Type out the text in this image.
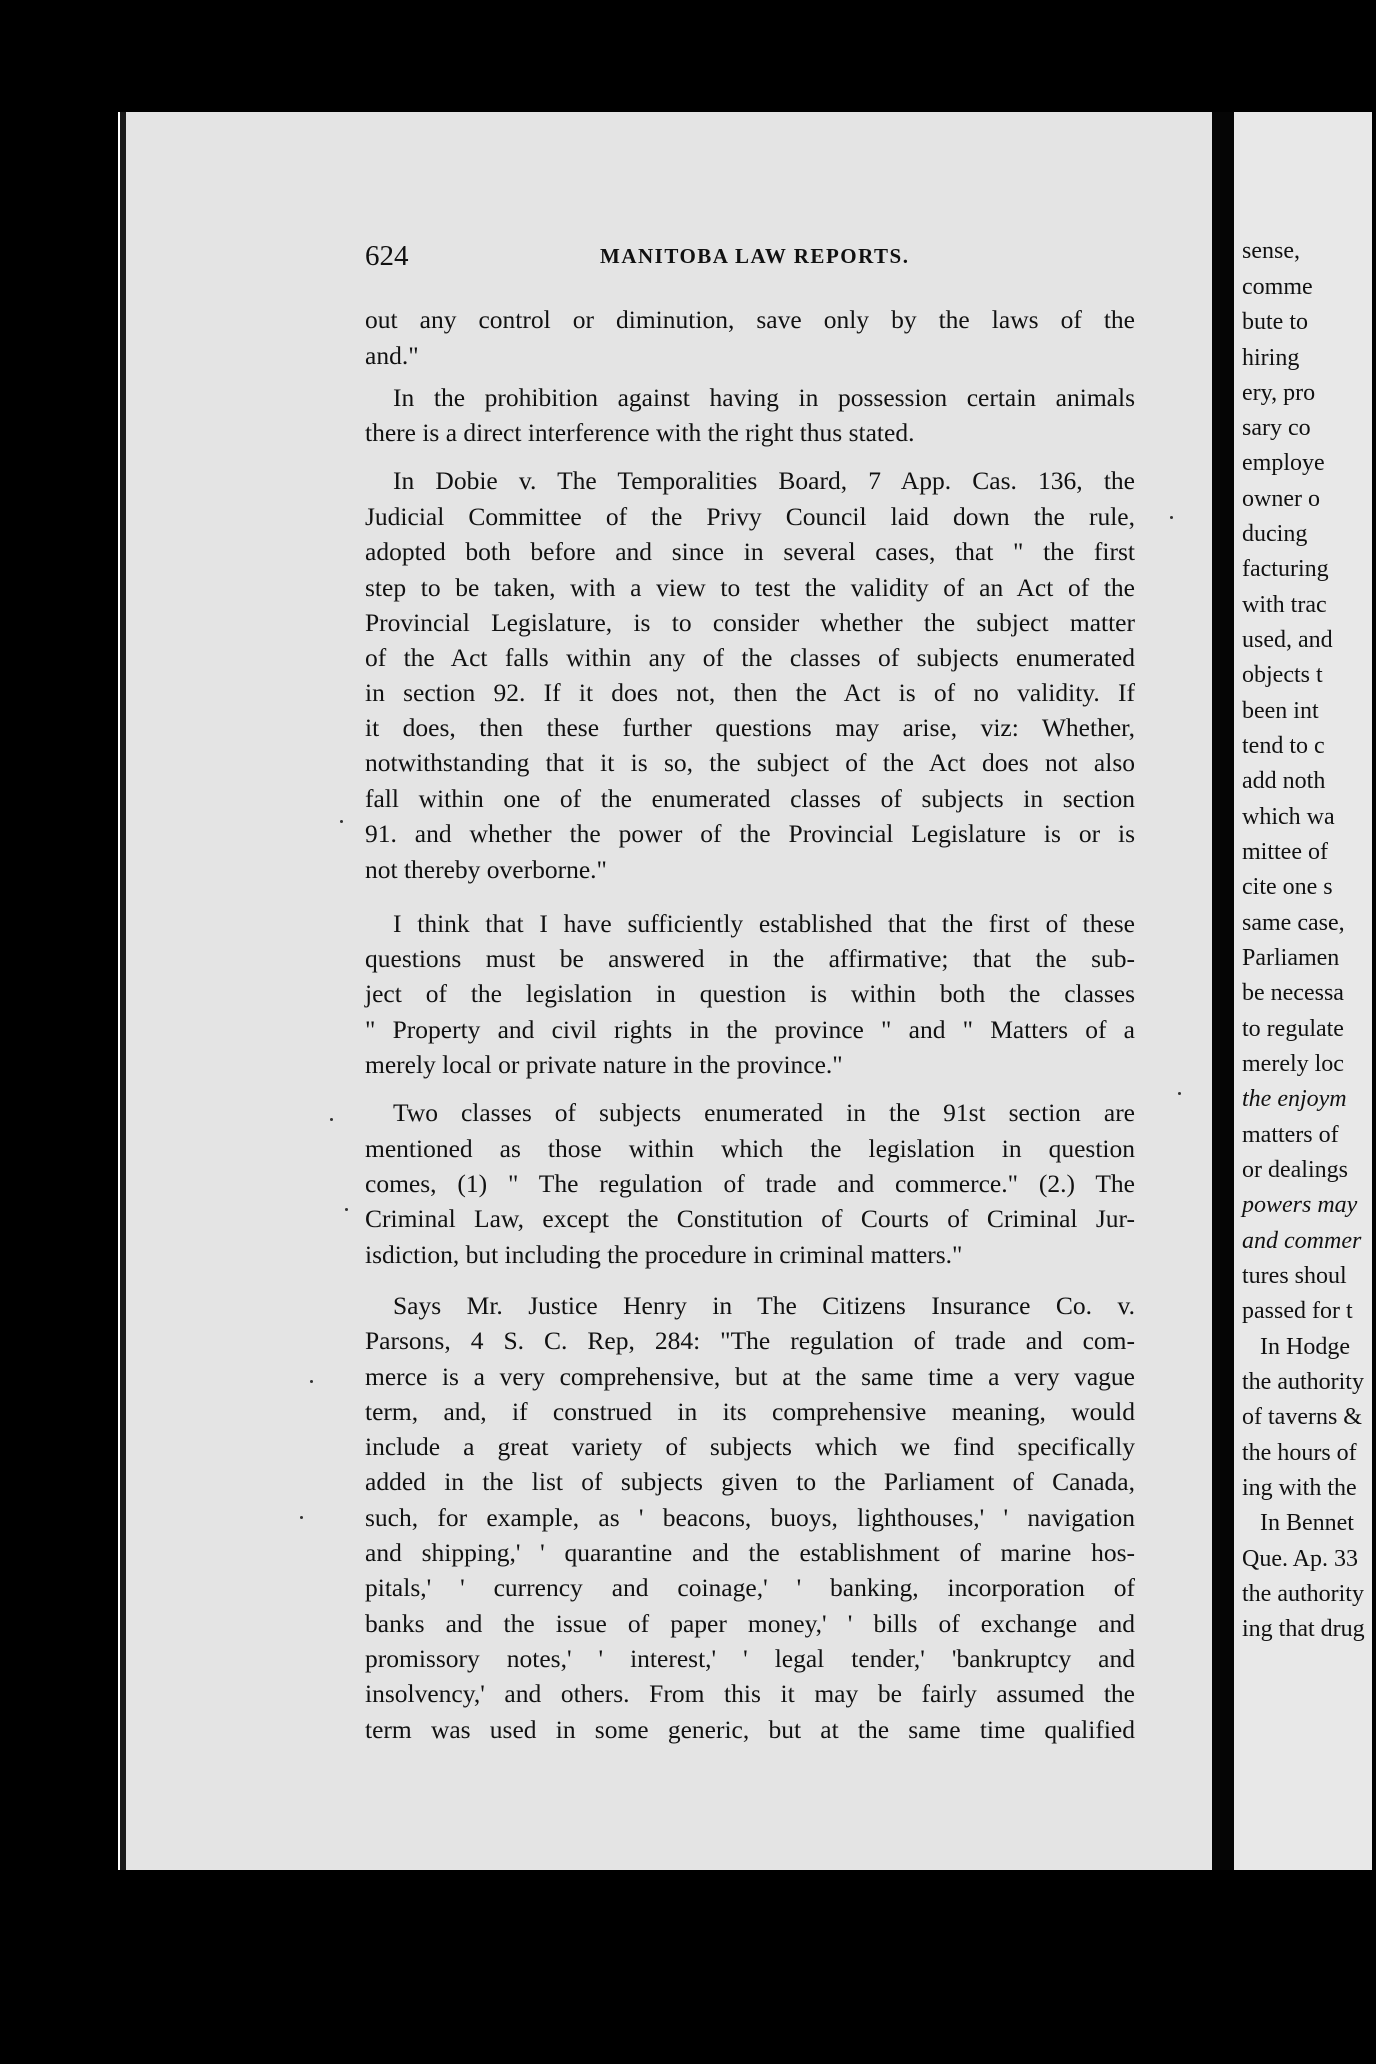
sense,
comme
bute to
hiring
ery, pro
sary co
employe
owner o
ducing
facturing
with trac
used, and
objects t
been int
tend to c
add noth
which wa
mittee of
cite one s
same case,
Parliamen
be necessa
to regulate
merely loc
the enjoym
matters of
or dealings
powers may
and commer
tures shoul
passed for t
In Hodge
the authority
of taverns &
the hours of
ing with the
In Bennet
Que. Ap. 33
the authority
ing that drug
624	MANITOBA LAW REPORTS.
out any control or diminution, save only by the laws of the
and."
In the prohibition against having in possession certain animals
there is a direct interference with the right thus stated.
In Dobie v. The Temporalities Board, 7 App. Cas. 136, the
Judicial Committee of the Privy Council laid down the rule,
adopted both before and since in several cases, that " the first
step to be taken, with a view to test the validity of an Act of the
Provincial Legislature, is to consider whether the subject matter
of the Act falls within any of the classes of subjects enumerated
in section 92. If it does not, then the Act is of no validity. If
it does, then these further questions may arise, viz: Whether,
notwithstanding that it is so, the subject of the Act does not also
fall within one of the enumerated classes of subjects in section
91. and whether the power of the Provincial Legislature is or is
not thereby overborne."
I think that I have sufficiently established that the first of these
questions must be answered in the affirmative; that the sub-
ject of the legislation in question is within both the classes
" Property and civil rights in the province " and " Matters of a
merely local or private nature in the province."
Two classes of subjects enumerated in the 91st section are
mentioned as those within which the legislation in question
comes, (1) " The regulation of trade and commerce." (2.) The
Criminal Law, except the Constitution of Courts of Criminal Jur-
isdiction, but including the procedure in criminal matters."
Says Mr. Justice Henry in The Citizens Insurance Co. v.
Parsons, 4 S. C. Rep, 284: "The regulation of trade and com-
merce is a very comprehensive, but at the same time a very vague
term, and, if construed in its comprehensive meaning, would
include a great variety of subjects which we find specifically
added in the list of subjects given to the Parliament of Canada,
such, for example, as ' beacons, buoys, lighthouses,' ' navigation
and shipping,' ' quarantine and the establishment of marine hos-
pitals,' ' currency and coinage,' ' banking, incorporation of
banks and the issue of paper money,' ' bills of exchange and
promissory notes,' ' interest,' ' legal tender,' 'bankruptcy and
insolvency,' and others. From this it may be fairly assumed the
term was used in some generic, but at the same time qualified
